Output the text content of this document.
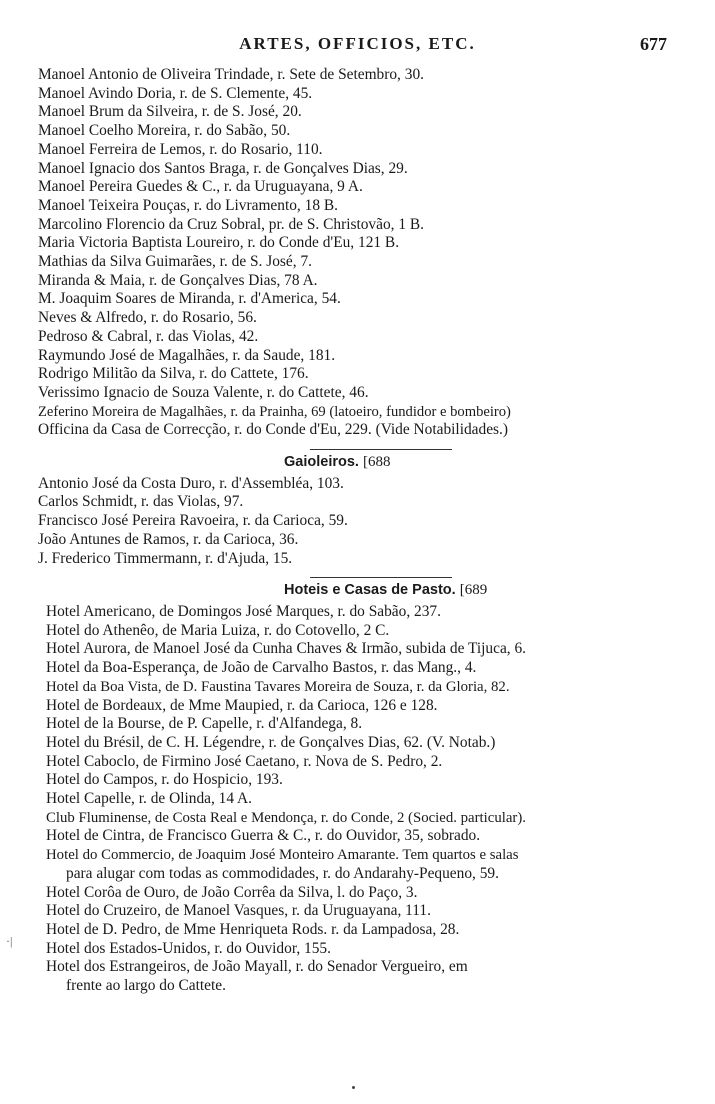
ARTES, OFFICIOS, ETC.	677
Manoel Antonio de Oliveira Trindade, r. Sete de Setembro, 30.
Manoel Avindo Doria, r. de S. Clemente, 45.
Manoel Brum da Silveira, r. de S. José, 20.
Manoel Coelho Moreira, r. do Sabão, 50.
Manoel Ferreira de Lemos, r. do Rosario, 110.
Manoel Ignacio dos Santos Braga, r. de Gonçalves Dias, 29.
Manoel Pereira Guedes & C., r. da Uruguayana, 9 A.
Manoel Teixeira Pouças, r. do Livramento, 18 B.
Marcolino Florencio da Cruz Sobral, pr. de S. Christovão, 1 B.
Maria Victoria Baptista Loureiro, r. do Conde d'Eu, 121 B.
Mathias da Silva Guimarães, r. de S. José, 7.
Miranda & Maia, r. de Gonçalves Dias, 78 A.
M. Joaquim Soares de Miranda, r. d'America, 54.
Neves & Alfredo, r. do Rosario, 56.
Pedroso & Cabral, r. das Violas, 42.
Raymundo José de Magalhães, r. da Saude, 181.
Rodrigo Militão da Silva, r. do Cattete, 176.
Verissimo Ignacio de Souza Valente, r. do Cattete, 46.
Zeferino Moreira de Magalhães, r. da Prainha, 69 (latoeiro, fundidor e bombeiro)
Officina da Casa de Correcção, r. do Conde d'Eu, 229. (Vide Notabilidades.)
Gaioleiros. [688
Antonio José da Costa Duro, r. d'Assembléa, 103.
Carlos Schmidt, r. das Violas, 97.
Francisco José Pereira Ravoeira, r. da Carioca, 59.
João Antunes de Ramos, r. da Carioca, 36.
J. Frederico Timmermann, r. d'Ajuda, 15.
Hoteis e Casas de Pasto. [689
Hotel Americano, de Domingos José Marques, r. do Sabão, 237.
Hotel do Athenêo, de Maria Luiza, r. do Cotovello, 2 C.
Hotel Aurora, de Manoel José da Cunha Chaves & Irmão, subida de Tijuca, 6.
Hotel da Boa-Esperança, de João de Carvalho Bastos, r. das Mang., 4.
Hotel da Boa Vista, de D. Faustina Tavares Moreira de Souza, r. da Gloria, 82.
Hotel de Bordeaux, de Mme Maupied, r. da Carioca, 126 e 128.
Hotel de la Bourse, de P. Capelle, r. d'Alfandega, 8.
Hotel du Brésil, de C. H. Légendre, r. de Gonçalves Dias, 62. (V. Notab.)
Hotel Caboclo, de Firmino José Caetano, r. Nova de S. Pedro, 2.
Hotel do Campos, r. do Hospicio, 193.
Hotel Capelle, r. de Olinda, 14 A.
Club Fluminense, de Costa Real e Mendonça, r. do Conde, 2 (Socied. particular).
Hotel de Cintra, de Francisco Guerra & C., r. do Ouvidor, 35, sobrado.
Hotel do Commercio, de Joaquim José Monteiro Amarante. Tem quartos e salas
para alugar com todas as commodidades, r. do Andarahy-Pequeno, 59.
Hotel Corôa de Ouro, de João Corrêa da Silva, l. do Paço, 3.
Hotel do Cruzeiro, de Manoel Vasques, r. da Uruguayana, 111.
Hotel de D. Pedro, de Mme Henriqueta Rods. r. da Lampadosa, 28.
Hotel dos Estados-Unidos, r. do Ouvidor, 155.
Hotel dos Estrangeiros, de João Mayall, r. do Senador Vergueiro, em
frente ao largo do Cattete.
·|
